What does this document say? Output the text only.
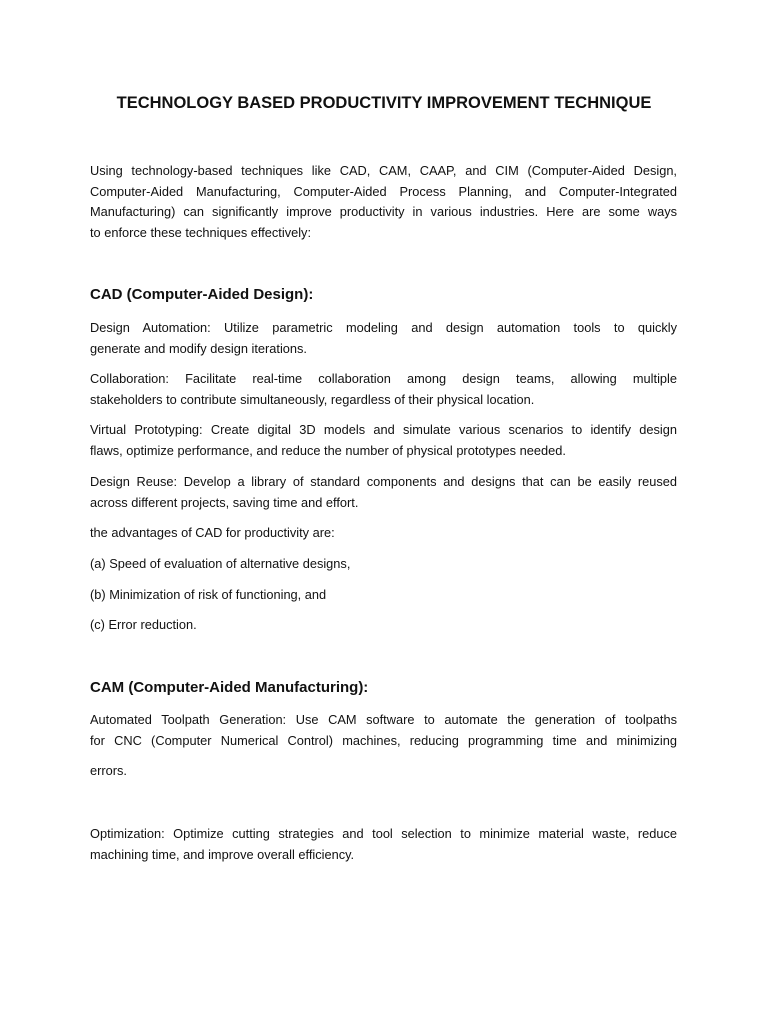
TECHNOLOGY BASED PRODUCTIVITY IMPROVEMENT TECHNIQUE
Using technology-based techniques like CAD, CAM, CAAP, and CIM (Computer-Aided Design,
Computer-Aided Manufacturing, Computer-Aided Process Planning, and Computer-Integrated
Manufacturing) can significantly improve productivity in various industries. Here are some ways
to enforce these techniques effectively:
CAD (Computer-Aided Design):
Design Automation: Utilize parametric modeling and design automation tools to quickly
generate and modify design iterations.
Collaboration: Facilitate real-time collaboration among design teams, allowing multiple
stakeholders to contribute simultaneously, regardless of their physical location.
Virtual Prototyping: Create digital 3D models and simulate various scenarios to identify design
flaws, optimize performance, and reduce the number of physical prototypes needed.
Design Reuse: Develop a library of standard components and designs that can be easily reused
across different projects, saving time and effort.
the advantages of CAD for productivity are:
(a) Speed of evaluation of alternative designs,
(b) Minimization of risk of functioning, and
(c) Error reduction.
CAM (Computer-Aided Manufacturing):
Automated Toolpath Generation: Use CAM software to automate the generation of toolpaths
for CNC (Computer Numerical Control) machines, reducing programming time and minimizing
errors.
Optimization: Optimize cutting strategies and tool selection to minimize material waste, reduce
machining time, and improve overall efficiency.
